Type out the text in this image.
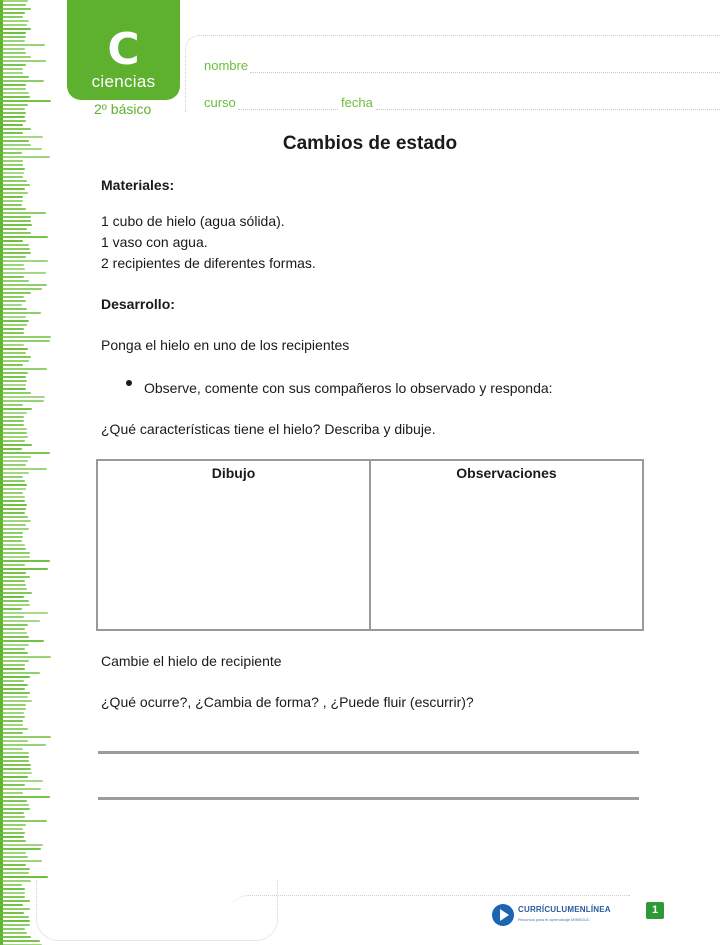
C
ciencias
2º básico
nombre
curso	fecha
Cambios de estado
Materiales:
1 cubo de hielo (agua sólida).
1 vaso con agua.
2 recipientes de diferentes formas.
Desarrollo:
Ponga el hielo en uno de los recipientes
Observe, comente con sus compañeros lo observado y responda:
¿Qué características tiene el hielo? Describa y dibuje.
Dibujo	Observaciones
Cambie el hielo de recipiente
¿Qué ocurre?, ¿Cambia de forma? , ¿Puede fluir (escurrir)?
CURRÍCULUMENLÍNEA
Recursos para el aprendizaje MINEDUC
1
